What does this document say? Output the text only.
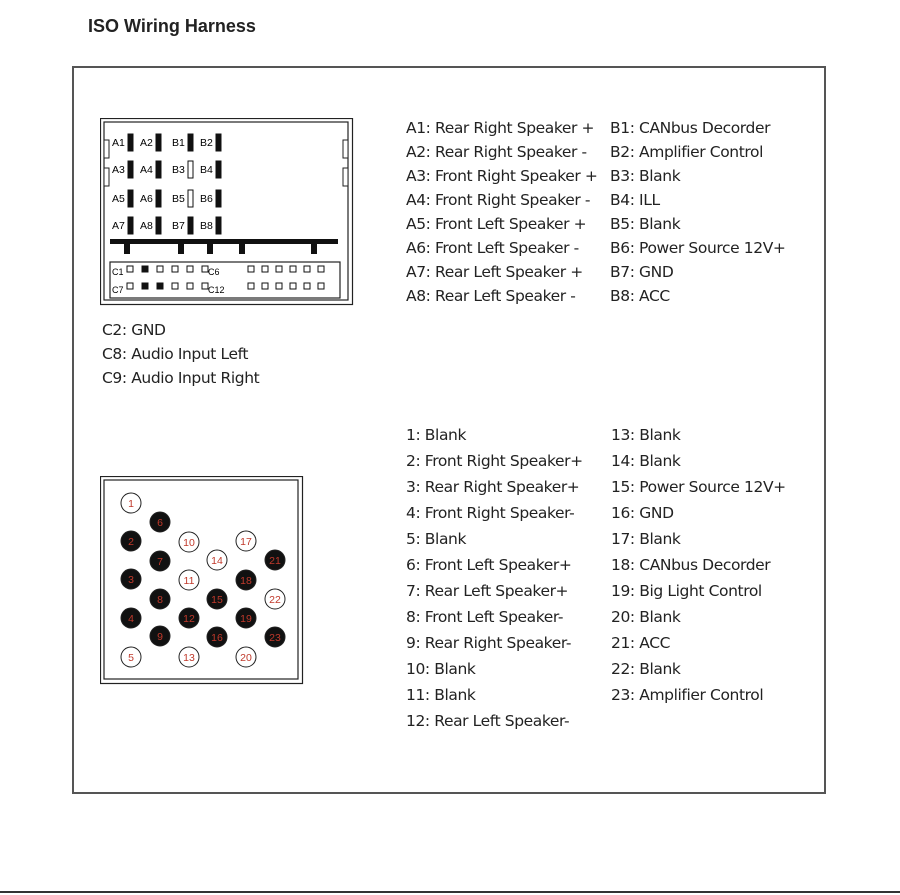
ISO Wiring Harness
A1 A2 B1 B2
A3 A4 B3 B4
A5 A6 B5 B6
A7 A8 B7 B8
C1	C6
C7	C12
A1: Rear Right Speaker +
A2: Rear Right Speaker -
A3: Front Right Speaker +
A4: Front Right Speaker -
A5: Front Left Speaker +
A6: Front Left Speaker -
A7: Rear Left Speaker +
A8: Rear Left Speaker -
B1: CANbus Decorder
B2: Amplifier Control
B3: Blank
B4: ILL
B5: Blank
B6: Power Source 12V+
B7: GND
B8: ACC
C2: GND
C8: Audio Input Left
C9: Audio Input Right
1
2
3
4
5
6
7
8
9
10
11
12
13
14
15
16
17
18
19
20
21
22
23
1: Blank
2: Front Right Speaker+
3: Rear Right Speaker+
4: Front Right Speaker-
5: Blank
6: Front Left Speaker+
7: Rear Left Speaker+
8: Front Left Speaker-
9: Rear Right Speaker-
10: Blank
11: Blank
12: Rear Left Speaker-
13: Blank
14: Blank
15: Power Source 12V+
16: GND
17: Blank
18: CANbus Decorder
19: Big Light Control
20: Blank
21: ACC
22: Blank
23: Amplifier Control
